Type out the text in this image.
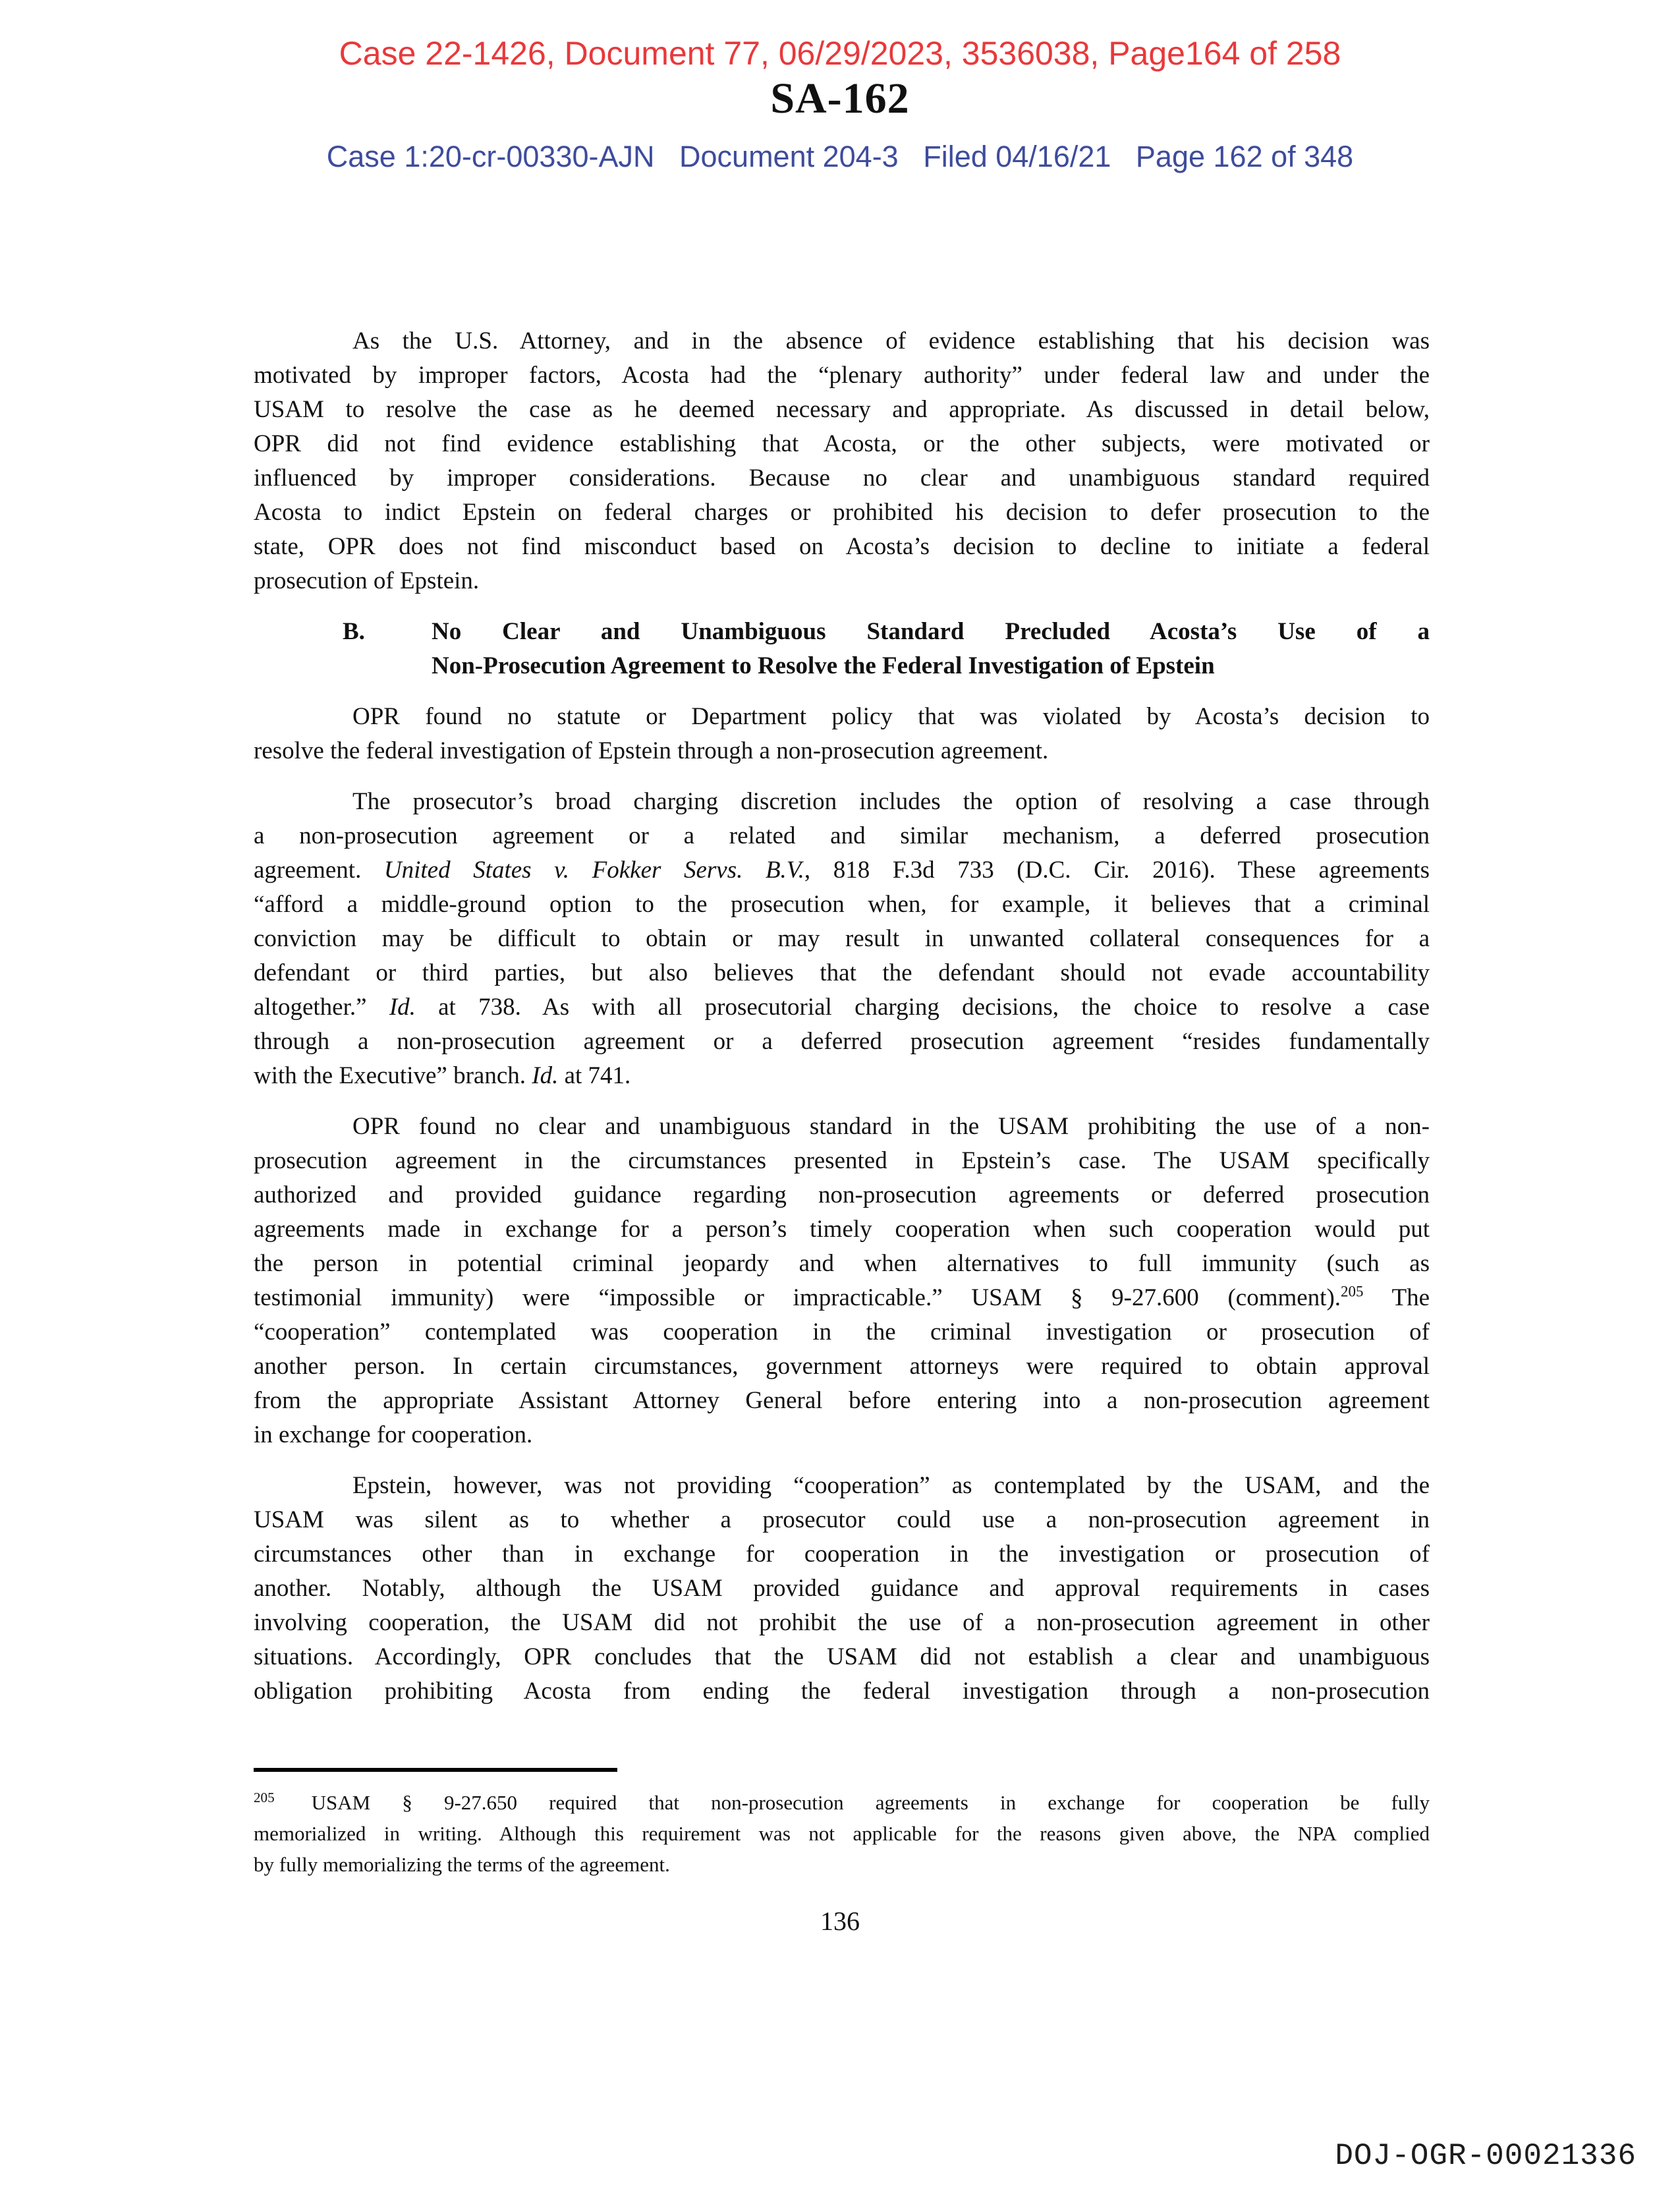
Case 22-1426, Document 77, 06/29/2023, 3536038, Page164 of 258
SA-162
Case 1:20-cr-00330-AJN   Document 204-3   Filed 04/16/21   Page 162 of 348
As the U.S. Attorney, and in the absence of evidence establishing that his decision was
motivated by improper factors, Acosta had the “plenary authority” under federal law and under the
USAM to resolve the case as he deemed necessary and appropriate. As discussed in detail below,
OPR did not find evidence establishing that Acosta, or the other subjects, were motivated or
influenced by improper considerations. Because no clear and unambiguous standard required
Acosta to indict Epstein on federal charges or prohibited his decision to defer prosecution to the
state, OPR does not find misconduct based on Acosta’s decision to decline to initiate a federal
prosecution of Epstein.
B.	No Clear and Unambiguous Standard Precluded Acosta’s Use of a
Non-Prosecution Agreement to Resolve the Federal Investigation of Epstein
OPR found no statute or Department policy that was violated by Acosta’s decision to
resolve the federal investigation of Epstein through a non-prosecution agreement.
The prosecutor’s broad charging discretion includes the option of resolving a case through
a non-prosecution agreement or a related and similar mechanism, a deferred prosecution
agreement. United States v. Fokker Servs. B.V., 818 F.3d 733 (D.C. Cir. 2016). These agreements
“afford a middle-ground option to the prosecution when, for example, it believes that a criminal
conviction may be difficult to obtain or may result in unwanted collateral consequences for a
defendant or third parties, but also believes that the defendant should not evade accountability
altogether.” Id. at 738. As with all prosecutorial charging decisions, the choice to resolve a case
through a non-prosecution agreement or a deferred prosecution agreement “resides fundamentally
with the Executive” branch. Id. at 741.
OPR found no clear and unambiguous standard in the USAM prohibiting the use of a non-
prosecution agreement in the circumstances presented in Epstein’s case. The USAM specifically
authorized and provided guidance regarding non-prosecution agreements or deferred prosecution
agreements made in exchange for a person’s timely cooperation when such cooperation would put
the person in potential criminal jeopardy and when alternatives to full immunity (such as
testimonial immunity) were “impossible or impracticable.” USAM § 9-27.600 (comment).$^{205}$ The
“cooperation” contemplated was cooperation in the criminal investigation or prosecution of
another person. In certain circumstances, government attorneys were required to obtain approval
from the appropriate Assistant Attorney General before entering into a non-prosecution agreement
in exchange for cooperation.
Epstein, however, was not providing “cooperation” as contemplated by the USAM, and the
USAM was silent as to whether a prosecutor could use a non-prosecution agreement in
circumstances other than in exchange for cooperation in the investigation or prosecution of
another. Notably, although the USAM provided guidance and approval requirements in cases
involving cooperation, the USAM did not prohibit the use of a non-prosecution agreement in other
situations. Accordingly, OPR concludes that the USAM did not establish a clear and unambiguous
obligation prohibiting Acosta from ending the federal investigation through a non-prosecution
$^{205}$ USAM § 9-27.650 required that non-prosecution agreements in exchange for cooperation be fully
memorialized in writing. Although this requirement was not applicable for the reasons given above, the NPA complied
by fully memorializing the terms of the agreement.
136
DOJ-OGR-00021336
